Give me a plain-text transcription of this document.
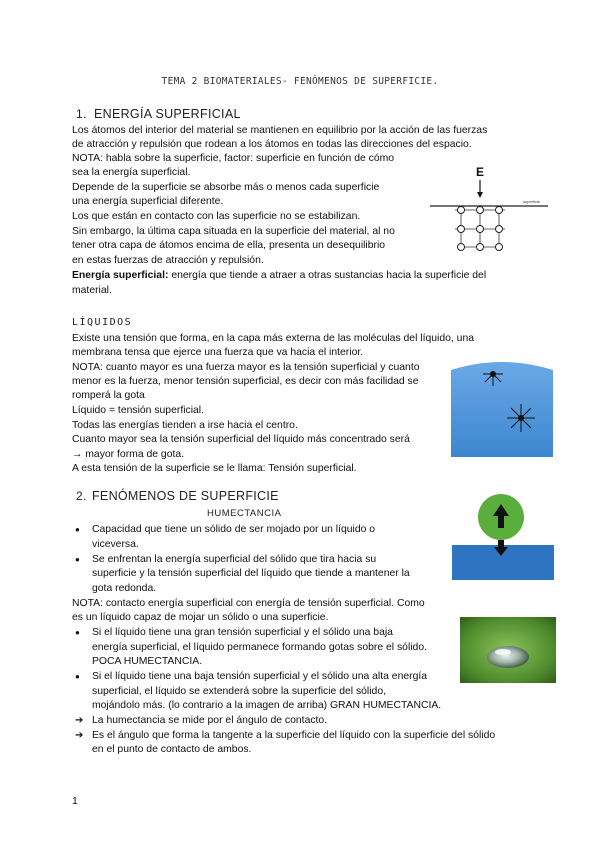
TEMA 2 BIOMATERIALES- FENÓMENOS DE SUPERFICIE.
1. ENERGÍA SUPERFICIAL
Los átomos del interior del material se mantienen en equilibrio por la acción de las fuerzas
de atracción y repulsión que rodean a los átomos en todas las direcciones del espacio.
NOTA: habla sobre la superficie, factor: superficie en función de cómo
sea la energía superficial.
Depende de la superficie se absorbe más o menos cada superficie
una energía superficial diferente.
Los que están en contacto con las superficie no se estabilizan.
Sin embargo, la última capa situada en la superficie del material, al no
tener otra capa de átomos encima de ella, presenta un desequilibrio
en estas fuerzas de atracción y repulsión.
Energía superficial: energía que tiende a atraer a otras sustancias hacia la superficie del
material.
E
superficie
LÍQUIDOS
Existe una tensión que forma, en la capa más externa de las moléculas del líquido, una
membrana tensa que ejerce una fuerza que va hacia el interior.
NOTA: cuanto mayor es una fuerza mayor es la tensión superficial y cuanto
menor es la fuerza, menor tensión superficial, es decir con más facilidad se
romperá la gota
Líquido = tensión superficial.
Todas las energías tienden a irse hacia el centro.
Cuanto mayor sea la tensión superficial del líquido más concentrado será
→ mayor forma de gota.
A esta tensión de la superficie se le llama: Tensión superficial.
2. FENÓMENOS DE SUPERFICIE
HUMECTANCIA
● Capacidad que tiene un sólido de ser mojado por un líquido o
viceversa.
● Se enfrentan la energía superficial del sólido que tira hacia su
superficie y la tensión superficial del líquido que tiende a mantener la
gota redonda.
NOTA: contacto energía superficial con energía de tensión superficial. Como
es un líquido capaz de mojar un sólido o una superficie.
● Si el líquido tiene una gran tensión superficial y el sólido una baja
energía superficial, el líquido permanece formando gotas sobre el sólido.
POCA HUMECTANCIA.
● Si el líquido tiene una baja tensión superficial y el sólido una alta energía
superficial, el líquido se extenderá sobre la superficie del sólido,
mojándolo más. (lo contrario a la imagen de arriba) GRAN HUMECTANCIA.
➔ La humectancia se mide por el ángulo de contacto.
➔ Es el ángulo que forma la tangente a la superficie del líquido con la superficie del sólido
en el punto de contacto de ambos.
1
